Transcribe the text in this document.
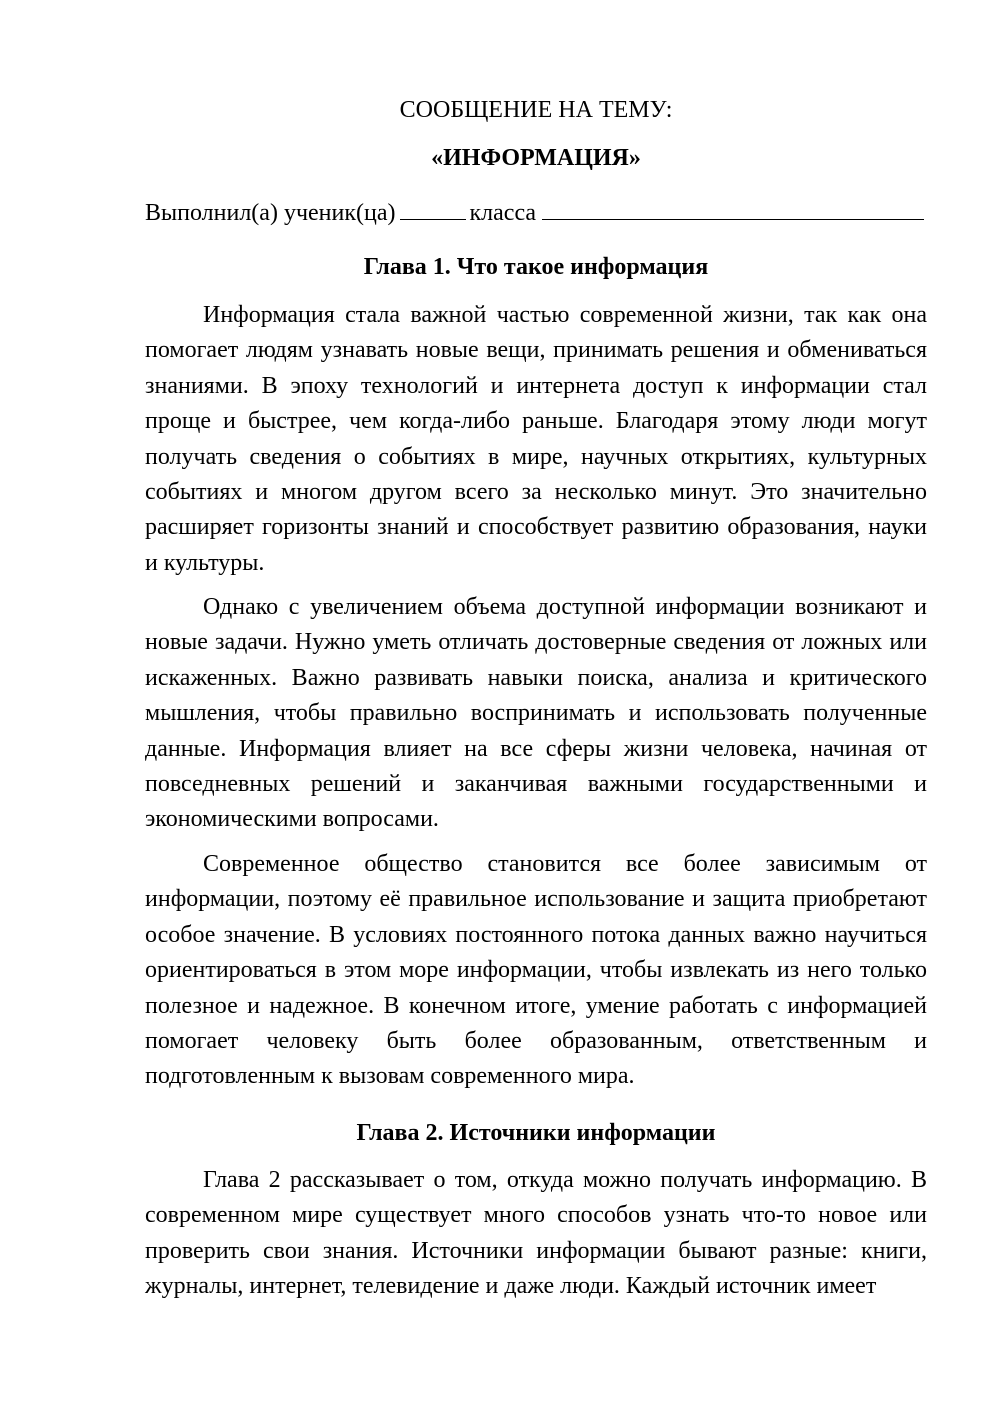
СООБЩЕНИЕ НА ТЕМУ:
«ИНФОРМАЦИЯ»
Выполнил(а) ученик(ца)	класса
Глава 1. Что такое информация

Информация стала важной частью современной жизни, так как она помогает людям узнавать новые вещи, принимать решения и обмениваться знаниями. В эпоху технологий и интернета доступ к информации стал проще и быстрее, чем когда-либо раньше. Благодаря этому люди могут получать сведения о событиях в мире, научных открытиях, культурных событиях и многом другом всего за несколько минут. Это значительно расширяет горизонты знаний и способствует развитию образования, науки и культуры.

Однако с увеличением объема доступной информации возникают и новые задачи. Нужно уметь отличать достоверные сведения от ложных или искаженных. Важно развивать навыки поиска, анализа и критического мышления, чтобы правильно воспринимать и использовать полученные данные. Информация влияет на все сферы жизни человека, начиная от повседневных решений и заканчивая важными государственными и экономическими вопросами.

Современное общество становится все более зависимым от информации, поэтому её правильное использование и защита приобретают особое значение. В условиях постоянного потока данных важно научиться ориентироваться в этом море информации, чтобы извлекать из него только полезное и надежное. В конечном итоге, умение работать с информацией помогает человеку быть более образованным, ответственным и подготовленным к вызовам современного мира.

Глава 2. Источники информации

Глава 2 рассказывает о том, откуда можно получать информацию. В современном мире существует много способов узнать что-то новое или проверить свои знания. Источники информации бывают разные: книги, журналы, интернет, телевидение и даже люди. Каждый источник имеет
